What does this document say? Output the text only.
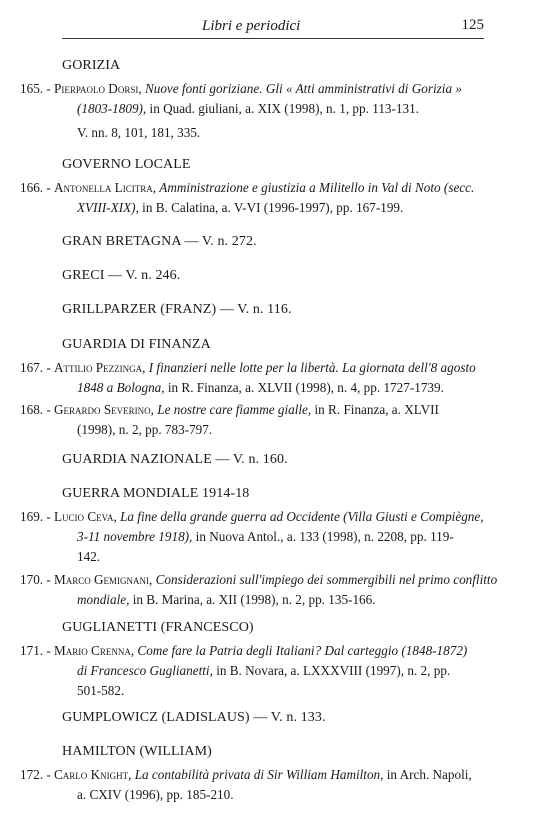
Libri e periodici	125
GORIZIA
165. - Pierpaolo Dorsi, Nuove fonti goriziane. Gli « Atti amministrativi di Gorizia »
(1803-1809), in Quad. giuliani, a. XIX (1998), n. 1, pp. 113-131.
V. nn. 8, 101, 181, 335.
GOVERNO LOCALE
166. - Antonella Licitra, Amministrazione e giustizia a Militello in Val di Noto (secc.
XVIII-XIX), in B. Calatina, a. V-VI (1996-1997), pp. 167-199.
GRAN BRETAGNA — V. n. 272.
GRECI — V. n. 246.
GRILLPARZER (FRANZ) — V. n. 116.
GUARDIA DI FINANZA
167. - Attilio Pezzinga, I finanzieri nelle lotte per la libertà. La giornata dell'8 agosto
1848 a Bologna, in R. Finanza, a. XLVII (1998), n. 4, pp. 1727-1739.
168. - Gerardo Severino, Le nostre care fiamme gialle, in R. Finanza, a. XLVII
(1998), n. 2, pp. 783-797.
GUARDIA NAZIONALE — V. n. 160.
GUERRA MONDIALE 1914-18
169. - Lucio Ceva, La fine della grande guerra ad Occidente (Villa Giusti e Compiègne,
3-11 novembre 1918), in Nuova Antol., a. 133 (1998), n. 2208, pp. 119-
142.
170. - Marco Gemignani, Considerazioni sull'impiego dei sommergibili nel primo conflitto
mondiale, in B. Marina, a. XII (1998), n. 2, pp. 135-166.
GUGLIANETTI (FRANCESCO)
171. - Mario Crenna, Come fare la Patria degli Italiani? Dal carteggio (1848-1872)
di Francesco Guglianetti, in B. Novara, a. LXXXVIII (1997), n. 2, pp.
501-582.
GUMPLOWICZ (LADISLAUS) — V. n. 133.
HAMILTON (WILLIAM)
172. - Carlo Knight, La contabilità privata di Sir William Hamilton, in Arch. Napoli,
a. CXIV (1996), pp. 185-210.
